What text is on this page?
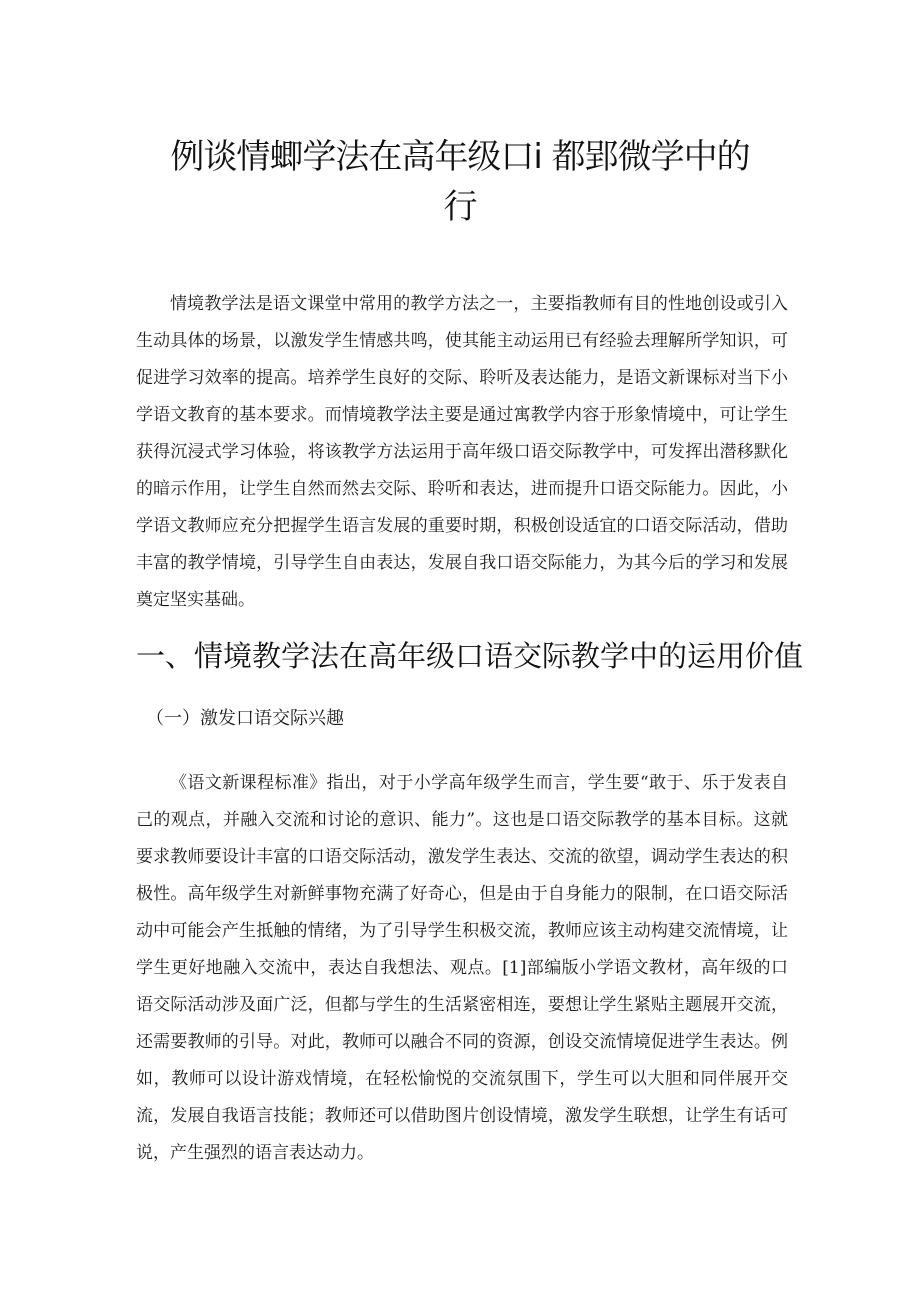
例谈情蝍学法在高年级口i 都郢微学中的
行

情境教学法是语文课堂中常用的教学方法之一，主要指教师有目的性地创设或引入生动具体的场景，以激发学生情感共鸣，使其能主动运用已有经验去理解所学知识，可促进学习效率的提高。培养学生良好的交际、聆听及表达能力，是语文新课标对当下小学语文教育的基本要求。而情境教学法主要是通过寓教学内容于形象情境中，可让学生获得沉浸式学习体验，将该教学方法运用于高年级口语交际教学中，可发挥出潜移默化的暗示作用，让学生自然而然去交际、聆听和表达，进而提升口语交际能力。因此，小学语文教师应充分把握学生语言发展的重要时期，积极创设适宜的口语交际活动，借助丰富的教学情境，引导学生自由表达，发展自我口语交际能力，为其今后的学习和发展奠定坚实基础。

一、情境教学法在高年级口语交际教学中的运用价值
（一）激发口语交际兴趣

《语文新课程标准》指出，对于小学高年级学生而言，学生要“敢于、乐于发表自己的观点，并融入交流和讨论的意识、能力”。这也是口语交际教学的基本目标。这就要求教师要设计丰富的口语交际活动，激发学生表达、交流的欲望，调动学生表达的积极性。高年级学生对新鲜事物充满了好奇心，但是由于自身能力的限制，在口语交际活动中可能会产生抵触的情绪，为了引导学生积极交流，教师应该主动构建交流情境，让学生更好地融入交流中，表达自我想法、观点。[1]部编版小学语文教材，高年级的口语交际活动涉及面广泛，但都与学生的生活紧密相连，要想让学生紧贴主题展开交流，还需要教师的引导。对此，教师可以融合不同的资源，创设交流情境促进学生表达。例如，教师可以设计游戏情境，在轻松愉悦的交流氛围下，学生可以大胆和同伴展开交流，发展自我语言技能；教师还可以借助图片创设情境，激发学生联想，让学生有话可说，产生强烈的语言表达动力。
